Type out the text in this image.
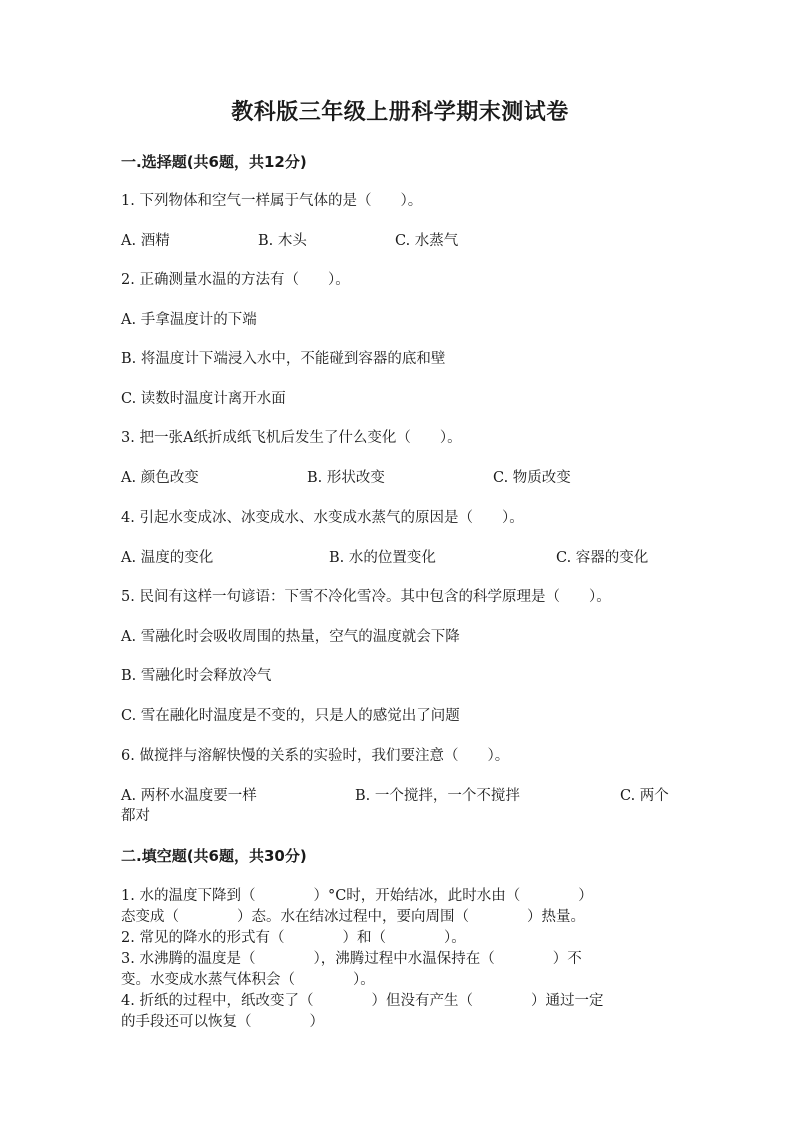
教科版三年级上册科学期末测试卷
一.选择题(共6题，共12分)
1. 下列物体和空气一样属于气体的是（　　）。
A. 酒精	B. 木头	C. 水蒸气
2. 正确测量水温的方法有（　　）。
A. 手拿温度计的下端
B. 将温度计下端浸入水中，不能碰到容器的底和壁
C. 读数时温度计离开水面
3. 把一张A纸折成纸飞机后发生了什么变化（　　）。
A. 颜色改变	B. 形状改变	C. 物质改变
4. 引起水变成冰、冰变成水、水变成水蒸气的原因是（　　）。
A. 温度的变化	B. 水的位置变化	C. 容器的变化
5. 民间有这样一句谚语：下雪不冷化雪冷。其中包含的科学原理是（　　）。
A. 雪融化时会吸收周围的热量，空气的温度就会下降
B. 雪融化时会释放冷气
C. 雪在融化时温度是不变的，只是人的感觉出了问题
6. 做搅拌与溶解快慢的关系的实验时，我们要注意（　　）。
A. 两杯水温度要一样	B. 一个搅拌，一个不搅拌	C. 两个
都对
二.填空题(共6题，共30分)
1. 水的温度下降到（　　　　）°C时，开始结冰，此时水由（　　　　）
态变成（　　　　）态。水在结冰过程中，要向周围（　　　　）热量。
2. 常见的降水的形式有（　　　　）和（　　　　）。
3. 水沸腾的温度是（　　　　），沸腾过程中水温保持在（　　　　）不
变。水变成水蒸气体积会（　　　　）。
4. 折纸的过程中，纸改变了（　　　　）但没有产生（　　　　）通过一定
的手段还可以恢复（　　　　）
